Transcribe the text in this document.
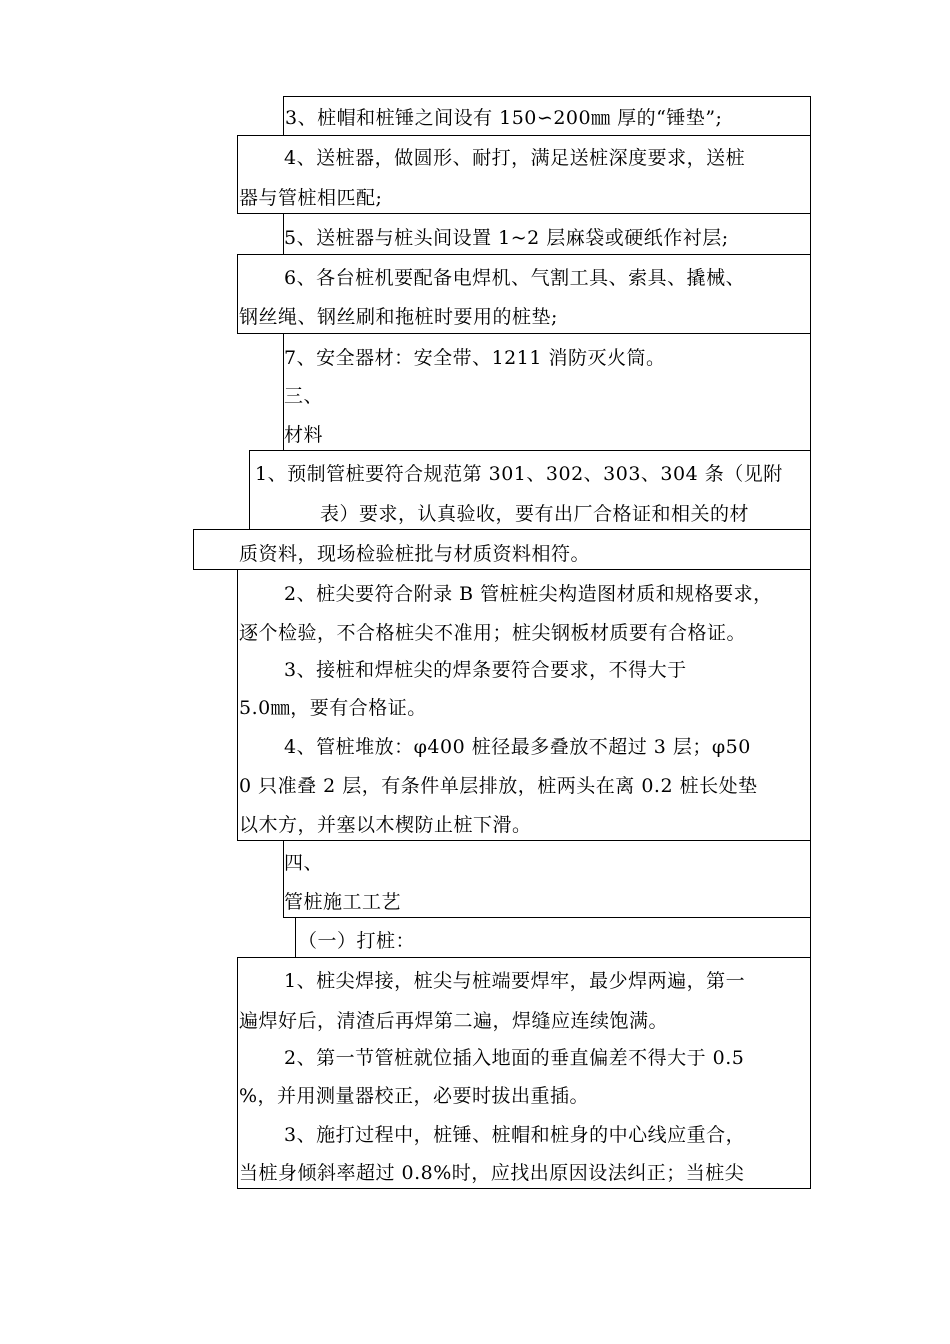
3、桩帽和桩锤之间设有 150∽200㎜ 厚的“锤垫”;
4、送桩器，做圆形、耐打，满足送桩深度要求，送桩
器与管桩相匹配;
5、送桩器与桩头间设置 1~2 层麻袋或硬纸作衬层;
6、各台桩机要配备电焊机、气割工具、索具、撬械、
钢丝绳、钢丝刷和拖桩时要用的桩垫;
7、安全器材：安全带、1211 消防灭火筒。
三、
材料
1、预制管桩要符合规范第 301、302、303、304 条（见附
表）要求，认真验收，要有出厂合格证和相关的材
质资料，现场检验桩批与材质资料相符。
2、桩尖要符合附录 B 管桩桩尖构造图材质和规格要求，
逐个检验，不合格桩尖不准用；桩尖钢板材质要有合格证。
3、接桩和焊桩尖的焊条要符合要求，不得大于
5.0㎜，要有合格证。
4、管桩堆放：φ400 桩径最多叠放不超过 3 层；φ50
0 只准叠 2 层，有条件单层排放，桩两头在离 0.2 桩长处垫
以木方，并塞以木楔防止桩下滑。
四、
管桩施工工艺
（一）打桩：
1、桩尖焊接，桩尖与桩端要焊牢，最少焊两遍，第一
遍焊好后，清渣后再焊第二遍，焊缝应连续饱满。
2、第一节管桩就位插入地面的垂直偏差不得大于 0.5
%，并用测量器校正，必要时拔出重插。
3、施打过程中，桩锤、桩帽和桩身的中心线应重合，
当桩身倾斜率超过 0.8%时，应找出原因设法纠正；当桩尖
